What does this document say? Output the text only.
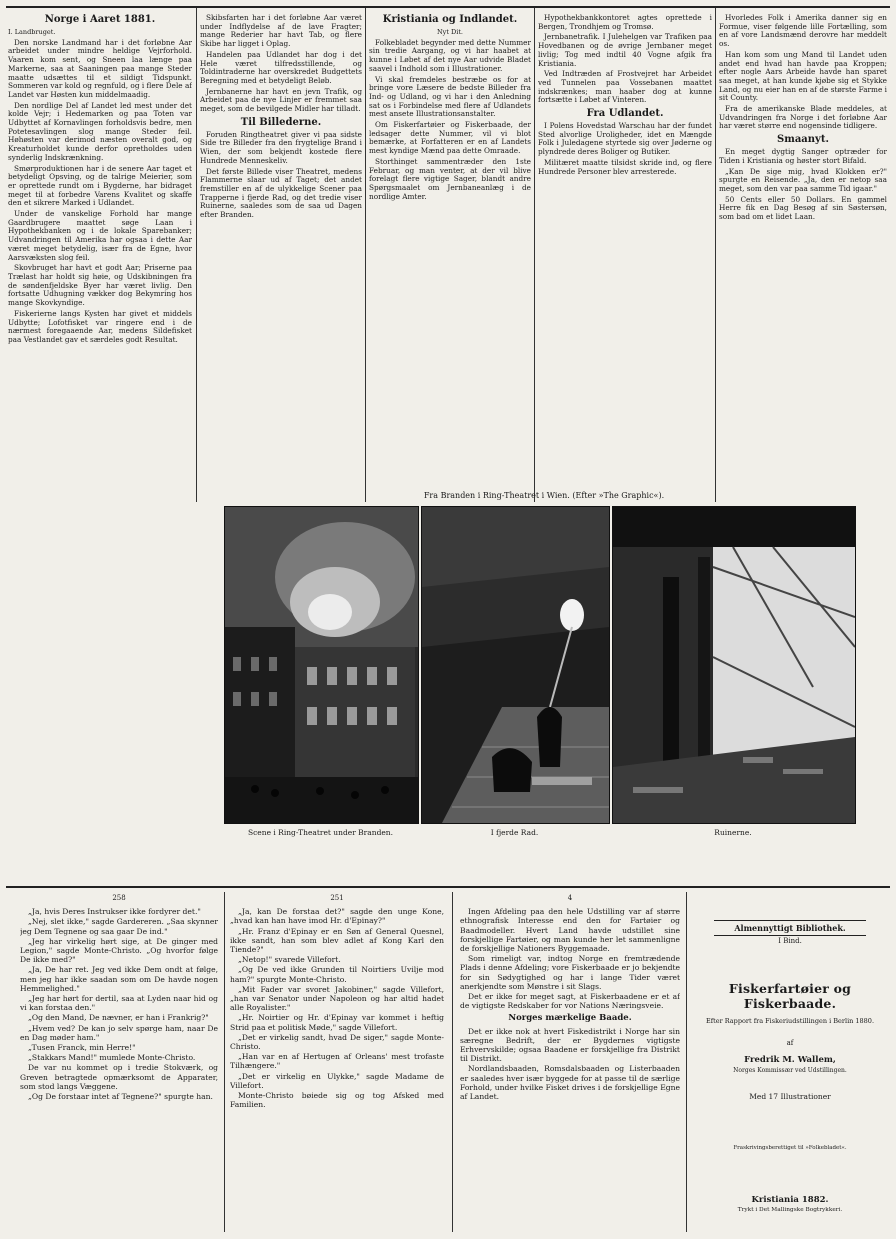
Norge i Aaret 1881.
I. Landbruget.

Den norske Landmand har i det forløbne Aar arbeidet under mindre heldige Vejrforhold. Vaaren kom sent, og Sneen laa længe paa Markerne, saa at Saaningen paa mange Steder maatte udsættes til et sildigt Tidspunkt. Sommeren var kold og regnfuld, og i flere Dele af Landet var Høsten kun middelmaadig.

Den nordlige Del af Landet led mest under det kolde Vejr; i Hedemarken og paa Toten var Udbyttet af Kornavlingen forholdsvis bedre, men Potetesavlingen slog mange Steder feil. Høhøsten var derimod næsten overalt god, og Kreaturholdet kunde derfor opretholdes uden synderlig Indskrænkning.

Smørproduktionen har i de senere Aar taget et betydeligt Opsving, og de talrige Meierier, som er oprettede rundt om i Bygderne, har bidraget meget til at forbedre Varens Kvalitet og skaffe den et sikrere Marked i Udlandet.

Under de vanskelige Forhold har mange Gaardbrugere maattet søge Laan i Hypothekbanken og i de lokale Sparebanker; Udvandringen til Amerika har ogsaa i dette Aar været meget betydelig, især fra de Egne, hvor Aarsvæksten slog feil.

Skovbruget har havt et godt Aar; Priserne paa Trælast har holdt sig høie, og Udskibningen fra de søndenfjeldske Byer har været livlig. Den fortsatte Udhugning vækker dog Bekymring hos mange Skovkyndige.

Fiskerierne langs Kysten har givet et middels Udbytte; Lofotfisket var ringere end i de nærmest foregaaende Aar, medens Sildefisket paa Vestlandet gav et særdeles godt Resultat.

Skibsfarten har i det forløbne Aar været under Indflydelse af de lave Fragter; mange Rederier har havt Tab, og flere Skibe har ligget i Oplag.

Handelen paa Udlandet har dog i det Hele været tilfredsstillende, og Toldintraderne har overskredet Budgettets Beregning med et betydeligt Beløb.

Jernbanerne har havt en jevn Trafik, og Arbeidet paa de nye Linjer er fremmet saa meget, som de bevilgede Midler har tilladt.

Til Billederne.

Foruden Ringtheatret giver vi paa sidste Side tre Billeder fra den frygtelige Brand i Wien, der som bekjendt kostede flere Hundrede Menneskeliv.

Det første Billede viser Theatret, medens Flammerne slaar ud af Taget; det andet fremstiller en af de ulykkelige Scener paa Trapperne i fjerde Rad, og det tredie viser Ruinerne, saaledes som de saa ud Dagen efter Branden.

Kristiania og Indlandet.
Nyt Dit.

Folkebladet begynder med dette Nummer sin tredie Aargang, og vi har haabet at kunne i Løbet af det nye Aar udvide Bladet saavel i Indhold som i Illustrationer.

Vi skal fremdeles bestræbe os for at bringe vore Læsere de bedste Billeder fra Ind- og Udland, og vi har i den Anledning sat os i Forbindelse med flere af Udlandets mest ansete Illustrationsanstalter.

Om Fiskerfartøier og Fiskerbaade, der ledsager dette Nummer, vil vi blot bemærke, at Forfatteren er en af Landets mest kyndige Mænd paa dette Omraade.

Storthinget sammentræder den 1ste Februar, og man venter, at der vil blive forelagt flere vigtige Sager, blandt andre Spørgsmaalet om Jernbaneanlæg i de nordlige Amter.

Hypothekbankkontoret agtes oprettede i Bergen, Trondhjem og Tromsø.

Jernbanetrafik. I Julehelgen var Trafiken paa Hovedbanen og de øvrige Jernbaner meget livlig; Tog med indtil 40 Vogne afgik fra Kristiania.

Ved Indtræden af Frostvejret har Arbeidet ved Tunnelen paa Vossebanen maattet indskrænkes; man haaber dog at kunne fortsætte i Løbet af Vinteren.

Fra Udlandet.

I Polens Hovedstad Warschau har der fundet Sted alvorlige Uroligheder, idet en Mængde Folk i Juledagene styrtede sig over Jøderne og plyndrede deres Boliger og Butiker.

Militæret maatte tilsidst skride ind, og flere Hundrede Personer blev arresterede.

Hvorledes Folk i Amerika danner sig en Formue, viser følgende lille Fortælling, som en af vore Landsmænd derovre har meddelt os.

Han kom som ung Mand til Landet uden andet end hvad han havde paa Kroppen; efter nogle Aars Arbeide havde han sparet saa meget, at han kunde kjøbe sig et Stykke Land, og nu eier han en af de største Farme i sit County.

Fra de amerikanske Blade meddeles, at Udvandringen fra Norge i det forløbne Aar har været større end nogensinde tidligere.

Smaanyt.

En meget dygtig Sanger optræder for Tiden i Kristiania og høster stort Bifald.

„Kan De sige mig, hvad Klokken er?" spurgte en Reisende. „Ja, den er netop saa meget, som den var paa samme Tid igaar."

50 Cents eller 50 Dollars. En gammel Herre fik en Dag Besøg af sin Søstersøn, som bad om et lidet Laan.

Fra Branden i Ring-Theatret i Wien. (Efter »The Graphic«).
Scene i Ring-Theatret under Branden.	I fjerde Rad.	Ruinerne.
258

„Ja, hvis Deres Instrukser ikke fordyrer det."

„Nej, slet ikke," sagde Gardereren. „Saa skynner jeg Dem Tegnene og saa gaar De ind."

„Jeg har virkelig hørt sige, at De ginger med Legion," sagde Monte-Christo. „Og hvorfor følge De ikke med?"

„Ja, De har ret. Jeg ved ikke Dem ondt at følge, men jeg har ikke saadan som om De havde nogen Hemmelighed."

„Jeg har hørt for dertil, saa at Lyden naar hid og vi kan forstaa den."

„Og den Mand, De nævner, er han i Frankrig?"

„Hvem ved? De kan jo selv spørge ham, naar De en Dag møder ham."

„Tusen Franck, min Herre!"

„Stakkars Mand!" mumlede Monte-Christo.

De var nu kommet op i tredie Stokværk, og Greven betragtede opmærksomt de Apparater, som stod langs Væggene.

„Og De forstaar intet af Tegnene?" spurgte han.

251

„Ja, kan De forstaa det?" sagde den unge Kone, „hvad kan han have imod Hr. d'Epinay?"

„Hr. Franz d'Epinay er en Søn af General Quesnel, ikke sandt, han som blev adlet af Kong Karl den Tiende?"

„Netop!" svarede Villefort.

„Og De ved ikke Grunden til Noirtiers Uvilje mod ham?" spurgte Monte-Christo.

„Mit Fader var svoret Jakobiner," sagde Villefort, „han var Senator under Napoleon og har altid hadet alle Royalister."

„Hr. Noirtier og Hr. d'Epinay var kommet i heftig Strid paa et politisk Møde," sagde Villefort.

„Det er virkelig sandt, hvad De siger," sagde Monte-Christo.

„Han var en af Hertugen af Orleans' mest trofaste Tilhængere."

„Det er virkelig en Ulykke," sagde Madame de Villefort.

Monte-Christo bøiede sig og tog Afsked med Familien.

4

Ingen Afdeling paa den hele Udstilling var af større ethnografisk Interesse end den for Fartøier og Baadmodeller. Hvert Land havde udstillet sine forskjellige Fartøier, og man kunde her let sammenligne de forskjellige Nationers Byggemaade.

Som rimeligt var, indtog Norge en fremtrædende Plads i denne Afdeling; vore Fiskerbaade er jo bekjendte for sin Sødygtighed og har i lange Tider været anerkjendte som Mønstre i sit Slags.

Det er ikke for meget sagt, at Fiskerbaadene er et af de vigtigste Redskaber for vor Nations Næringsveie.

Norges mærkelige Baade.

Det er ikke nok at hvert Fiskedistrikt i Norge har sin særegne Bedrift, der er Bygdernes vigtigste Erhvervskilde; ogsaa Baadene er forskjellige fra Distrikt til Distrikt.

Nordlandsbaaden, Romsdalsbaaden og Listerbaaden er saaledes hver især byggede for at passe til de særlige Forhold, under hvilke Fisket drives i de forskjellige Egne af Landet.

Almennyttigt Bibliothek.
I Bind.
Fiskerfartøier og Fiskerbaade.
Efter Rapport fra Fiskeriudstillingen i Berlin 1880.
af
Fredrik M. Wallem,
Norges Kommissær ved Udstillingen.
Med 17 Illustrationer
Fraskrivingsberettiget til »Folkebladet«.
Kristiania 1882.
Trykt i Det Mallingske Bogtrykkeri.
